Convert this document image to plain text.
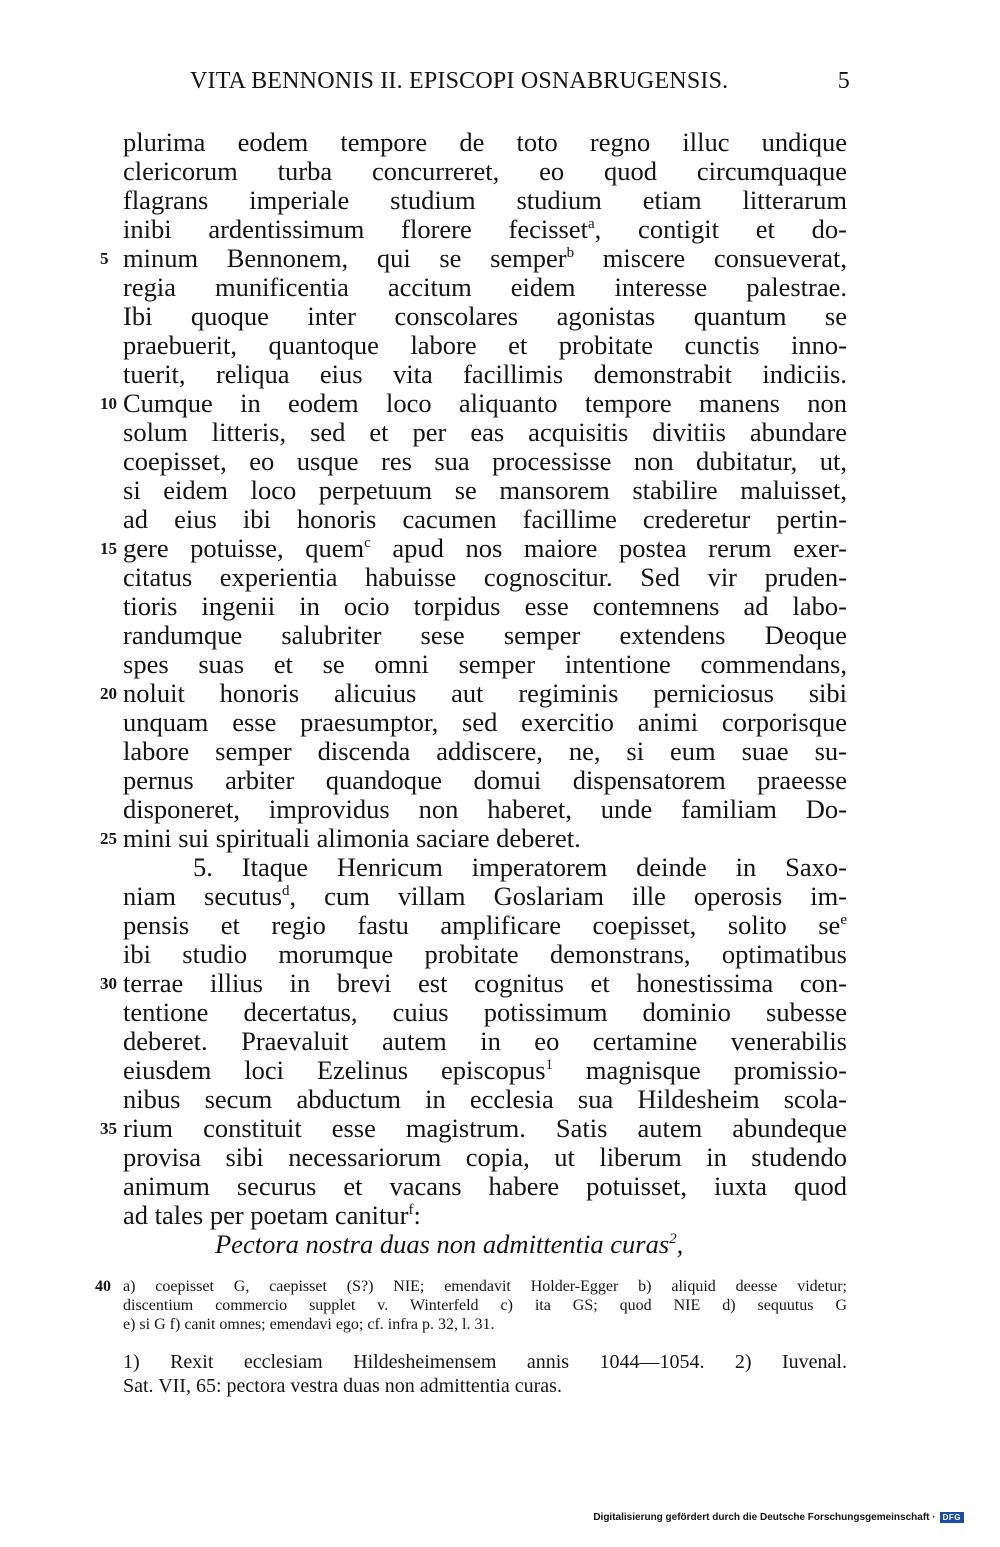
VITA BENNONIS II. EPISCOPI OSNABRUGENSIS.	5
plurima eodem tempore de toto regno illuc undique
clericorum turba concurreret, eo quod circumquaque
flagrans imperiale studium studium etiam litterarum
inibi ardentissimum florere fecisset$^a$, contigit et do-
5 minum Bennonem, qui se semper$^b$ miscere consueverat,
regia munificentia accitum eidem interesse palestrae.
Ibi quoque inter conscolares agonistas quantum se
praebuerit, quantoque labore et probitate cunctis inno-
tuerit, reliqua eius vita facillimis demonstrabit indiciis.
10 Cumque in eodem loco aliquanto tempore manens non
solum litteris, sed et per eas acquisitis divitiis abundare
coepisset, eo usque res sua processisse non dubitatur, ut,
si eidem loco perpetuum se mansorem stabilire maluisset,
ad eius ibi honoris cacumen facillime crederetur pertin-
15 gere potuisse, quem$^c$ apud nos maiore postea rerum exer-
citatus experientia habuisse cognoscitur. Sed vir pruden-
tioris ingenii in ocio torpidus esse contemnens ad labo-
randumque salubriter sese semper extendens Deoque
spes suas et se omni semper intentione commendans,
20 noluit honoris alicuius aut regiminis perniciosus sibi
unquam esse praesumptor, sed exercitio animi corporisque
labore semper discenda addiscere, ne, si eum suae su-
pernus arbiter quandoque domui dispensatorem praeesse
disponeret, improvidus non haberet, unde familiam Do-
25 mini sui spirituali alimonia saciare deberet.
5. Itaque Henricum imperatorem deinde in Saxo-
niam secutus$^d$, cum villam Goslariam ille operosis im-
pensis et regio fastu amplificare coepisset, solito $se^e$
ibi studio morumque probitate demonstrans, optimatibus
30 terrae illius in brevi est cognitus et honestissima con-
tentione decertatus, cuius potissimum dominio subesse
deberet. Praevaluit autem in eo certamine venerabilis
eiusdem loci Ezelinus episcopus$^1$ magnisque promissio-
nibus secum abductum in ecclesia sua Hildesheim scola-
35 rium constituit esse magistrum. Satis autem abundeque
provisa sibi necessariorum copia, ut liberum in studendo
animum securus et vacans habere potuisset, iuxta quod
ad tales per poetam canitur$^f$:
Pectora nostra duas non admittentia curas$^2$,
40 a) coepisset G, caepisset (S?) NIE; emendavit Holder-Egger b) aliquid deesse videtur;
discentium commercio supplet v. Winterfeld c) ita GS; quod NIE d) sequutus G
e) si G f) canit omnes; emendavi ego; cf. infra p. 32, l. 31.
1) Rexit ecclesiam Hildesheimensem annis 1044—1054. 2) Iuvenal.
Sat. VII, 65: pectora vestra duas non admittentia curas.
Digitalisierung gefördert durch die Deutsche Forschungsgemeinschaft · DFG
